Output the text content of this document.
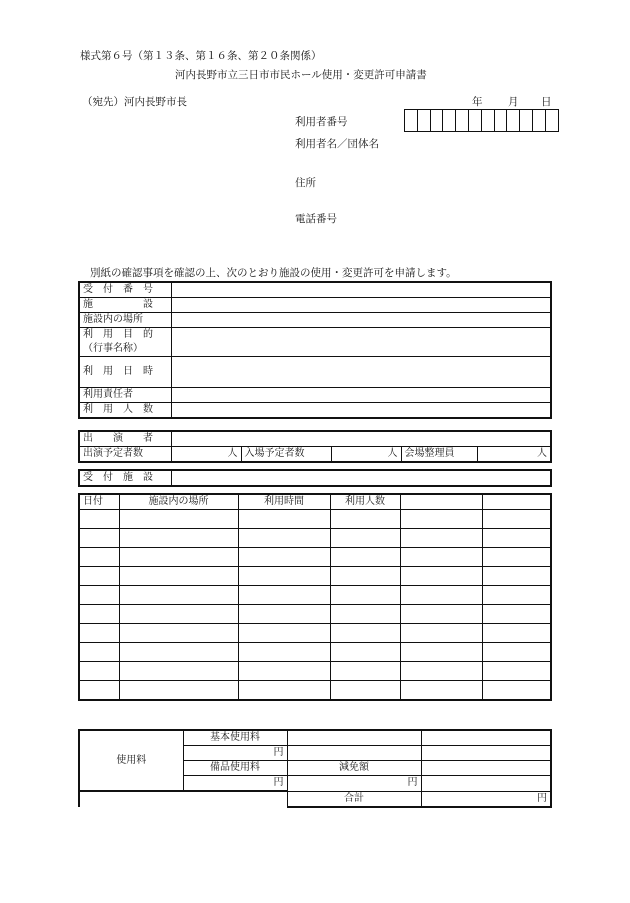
様式第６号（第１３条、第１６条、第２０条関係）
河内長野市立三日市市民ホール使用・変更許可申請書
（宛先）河内長野市長	年 月 日
利用者番号
利用者名／団体名
住所
電話番号
別紙の確認事項を確認の上、次のとおり施設の使用・変更許可を申請します。
受　付　番　号	
施　　　　　設	
施設内の場所	
利　用　目　的	
（行事名称）	
利　用　日　時	
利用責任者	
利　用　人　数	
出　　演　　者					
出演予定者数	人	入場予定者数	人	会場整理員	人
受　付　施　設	
日付	施設内の場所	利用時間	利用人数		

使用料	基本使用料		
	円		
	備品使用料	減免額	
	円	円	
		合計	円
